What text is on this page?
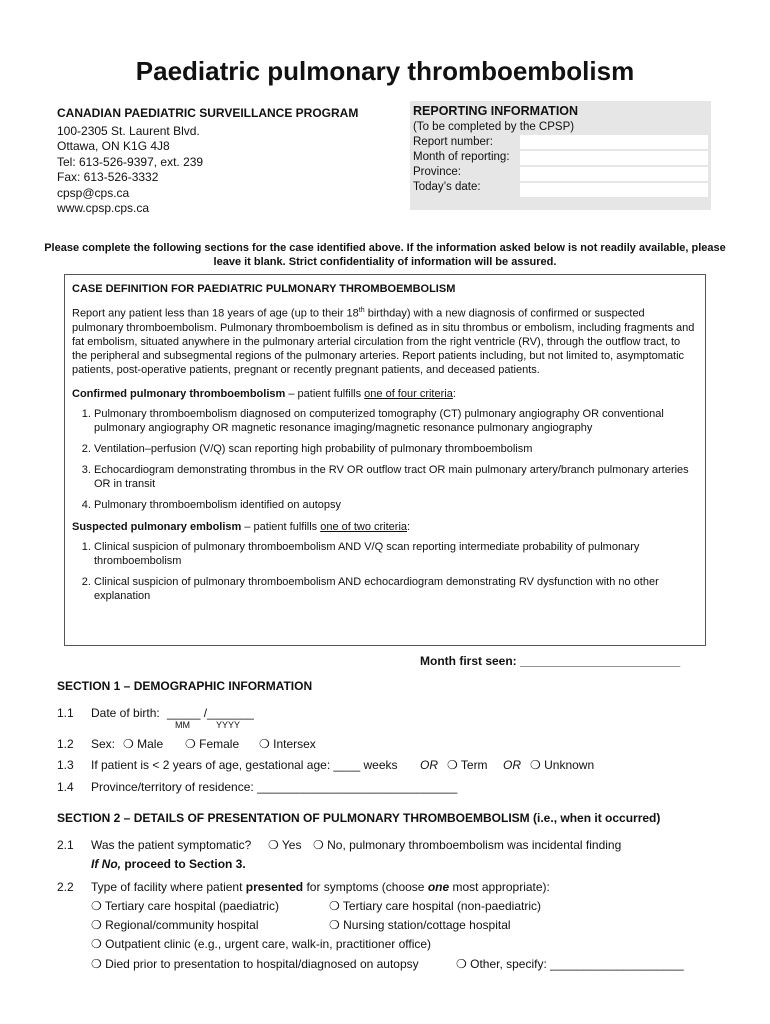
Paediatric pulmonary thromboembolism
CANADIAN PAEDIATRIC SURVEILLANCE PROGRAM
100-2305 St. Laurent Blvd.
Ottawa, ON K1G 4J8
Tel: 613-526-9397, ext. 239
Fax: 613-526-3332
cpsp@cps.ca
www.cpsp.cps.ca
REPORTING INFORMATION
(To be completed by the CPSP)
Report number:
Month of reporting:
Province:
Today’s date:
Please complete the following sections for the case identified above. If the information asked below is not readily available, please leave it blank. Strict confidentiality of information will be assured.
CASE DEFINITION FOR PAEDIATRIC PULMONARY THROMBOEMBOLISM

Report any patient less than 18 years of age (up to their 18th birthday) with a new diagnosis of confirmed or suspected pulmonary thromboembolism. Pulmonary thromboembolism is defined as in situ thrombus or embolism, including fragments and fat embolism, situated anywhere in the pulmonary arterial circulation from the right ventricle (RV), through the outflow tract, to the peripheral and subsegmental regions of the pulmonary arteries. Report patients including, but not limited to, asymptomatic patients, post-operative patients, pregnant or recently pregnant patients, and deceased patients.

Confirmed pulmonary thromboembolism – patient fulfills one of four criteria:
1. Pulmonary thromboembolism diagnosed on computerized tomography (CT) pulmonary angiography OR conventional pulmonary angiography OR magnetic resonance imaging/magnetic resonance pulmonary angiography
2. Ventilation–perfusion (V/Q) scan reporting high probability of pulmonary thromboembolism
3. Echocardiogram demonstrating thrombus in the RV OR outflow tract OR main pulmonary artery/branch pulmonary arteries OR in transit
4. Pulmonary thromboembolism identified on autopsy
Suspected pulmonary embolism – patient fulfills one of two criteria:
1. Clinical suspicion of pulmonary thromboembolism AND V/Q scan reporting intermediate probability of pulmonary thromboembolism
2. Clinical suspicion of pulmonary thromboembolism AND echocardiogram demonstrating RV dysfunction with no other explanation
Month first seen: ________________________
SECTION 1 – DEMOGRAPHIC INFORMATION
1.1 Date of birth: _____ /_______
MM	YYYY
1.2 Sex: ❍ Male ❍ Female ❍ Intersex
1.3 If patient is < 2 years of age, gestational age: ____ weeks OR ❍ Term OR ❍ Unknown
1.4 Province/territory of residence: ______________________________
SECTION 2 – DETAILS OF PRESENTATION OF PULMONARY THROMBOEMBOLISM (i.e., when it occurred)
2.1 Was the patient symptomatic? ❍ Yes ❍ No, pulmonary thromboembolism was incidental finding
If No, proceed to Section 3.
2.2 Type of facility where patient presented for symptoms (choose one most appropriate):
❍ Tertiary care hospital (paediatric)	❍ Tertiary care hospital (non-paediatric)
❍ Regional/community hospital	❍ Nursing station/cottage hospital
❍ Outpatient clinic (e.g., urgent care, walk-in, practitioner office)
❍ Died prior to presentation to hospital/diagnosed on autopsy	❍ Other, specify: ____________________
